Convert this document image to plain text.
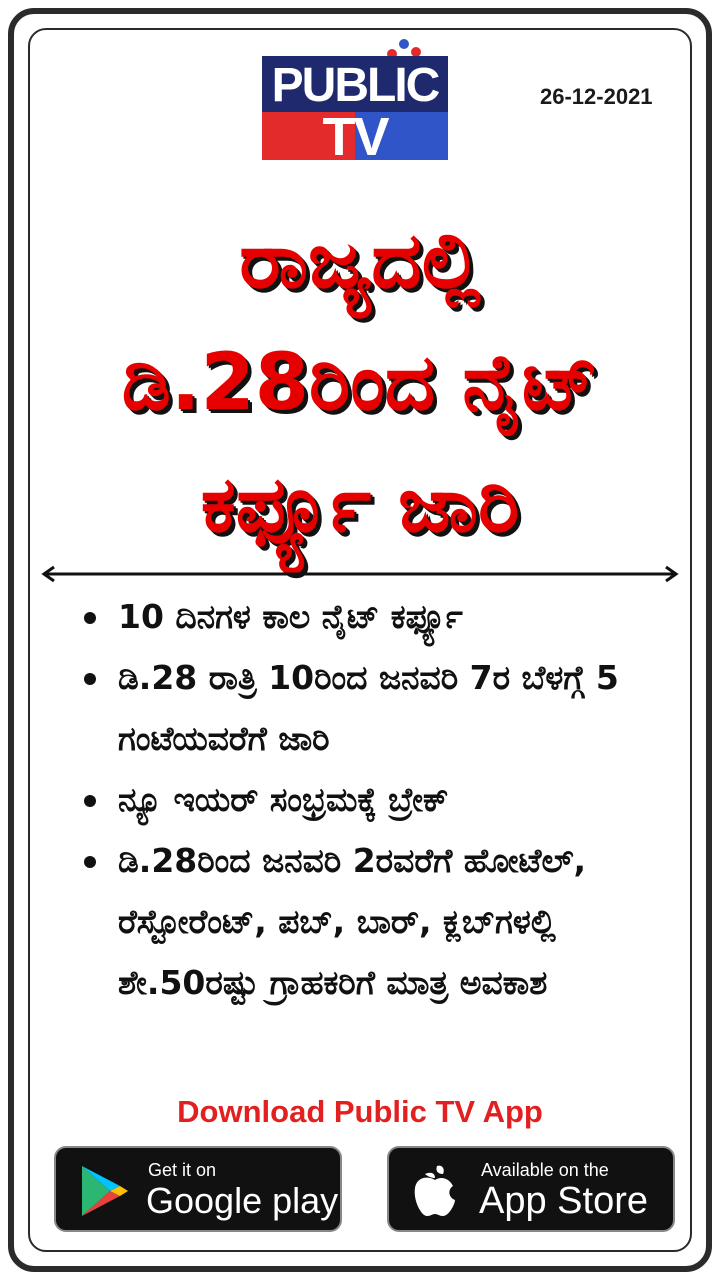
PUBLIC
TV
26-12-2021
ರಾಜ್ಯದಲ್ಲಿ
ಡಿ.28ರಿಂದ ನೈಟ್
ಕರ್ಫ್ಯೂ ಜಾರಿ
10 ದಿನಗಳ ಕಾಲ ನೈಟ್ ಕರ್ಫ್ಯೂ
ಡಿ.28 ರಾತ್ರಿ 10ರಿಂದ ಜನವರಿ 7ರ ಬೆಳಗ್ಗೆ 5 ಗಂಟೆಯವರೆಗೆ ಜಾರಿ
ನ್ಯೂ ಇಯರ್ ಸಂಭ್ರಮಕ್ಕೆ ಬ್ರೇಕ್
ಡಿ.28ರಿಂದ ಜನವರಿ 2ರವರೆಗೆ ಹೋಟೆಲ್, ರೆಸ್ಟೋರೆಂಟ್, ಪಬ್, ಬಾರ್, ಕ್ಲಬ್‌ಗಳಲ್ಲಿ ಶೇ.50ರಷ್ಟು ಗ್ರಾಹಕರಿಗೆ ಮಾತ್ರ ಅವಕಾಶ
Download Public TV App
Get it on
Google play
Available on the
App Store
